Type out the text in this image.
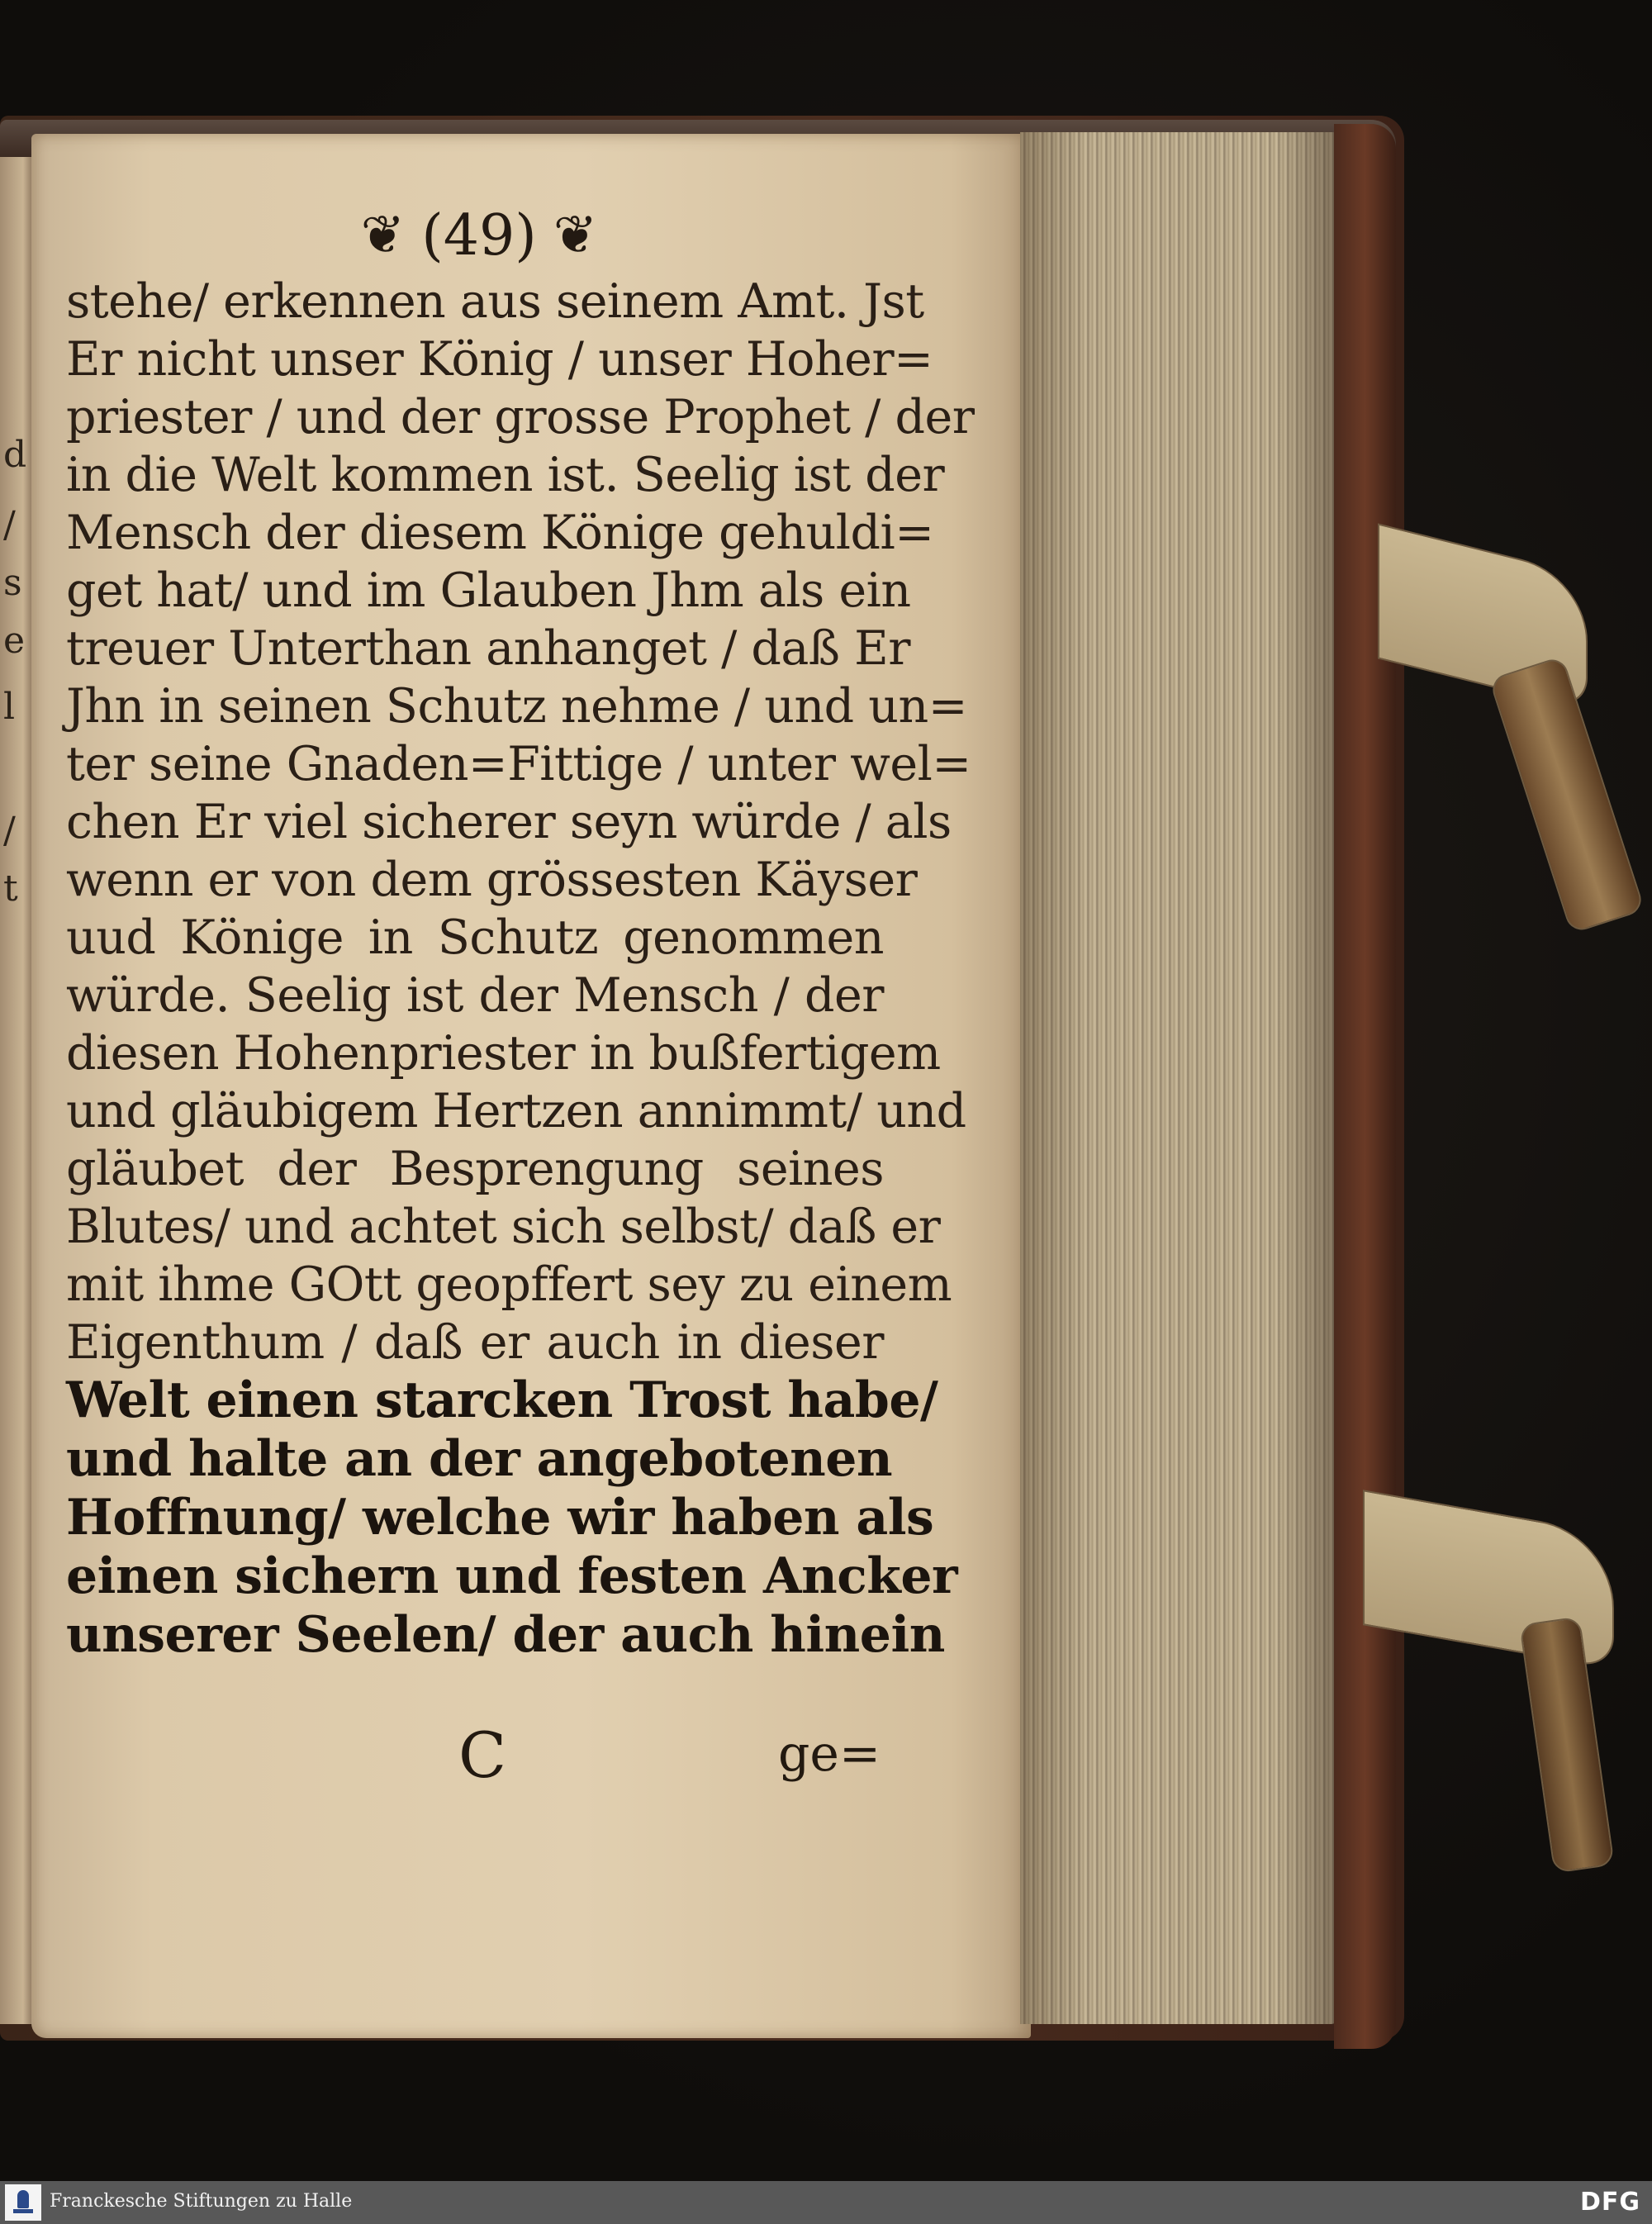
d
/
s
e
l
/
t
❦ (49) ❦
stehe/ erkennen aus seinem Amt. Jst
Er nicht unser König / unser Hoher=
priester / und der grosse Prophet / der
in die Welt kommen ist. Seelig ist der
Mensch der diesem Könige gehuldi=
get hat/ und im Glauben Jhm als ein
treuer Unterthan anhanget / daß Er
Jhn in seinen Schutz nehme / und un=
ter seine Gnaden=Fittige / unter wel=
chen Er viel sicherer seyn würde / als
wenn er von dem grössesten Käyser
uud Könige in Schutz genommen
würde. Seelig ist der Mensch / der
diesen Hohenpriester in bußfertigem
und gläubigem Hertzen annimmt/ und
gläubet der Besprengung seines
Blutes/ und achtet sich selbst/ daß er
mit ihme GOtt geopffert sey zu einem
Eigenthum / daß er auch in dieser
Welt einen starcken Trost habe/
und halte an der angebotenen
Hoffnung/ welche wir haben als
einen sichern und festen Ancker
unserer Seelen/ der auch hinein
C	ge=
Franckesche Stiftungen zu Halle	DFG
